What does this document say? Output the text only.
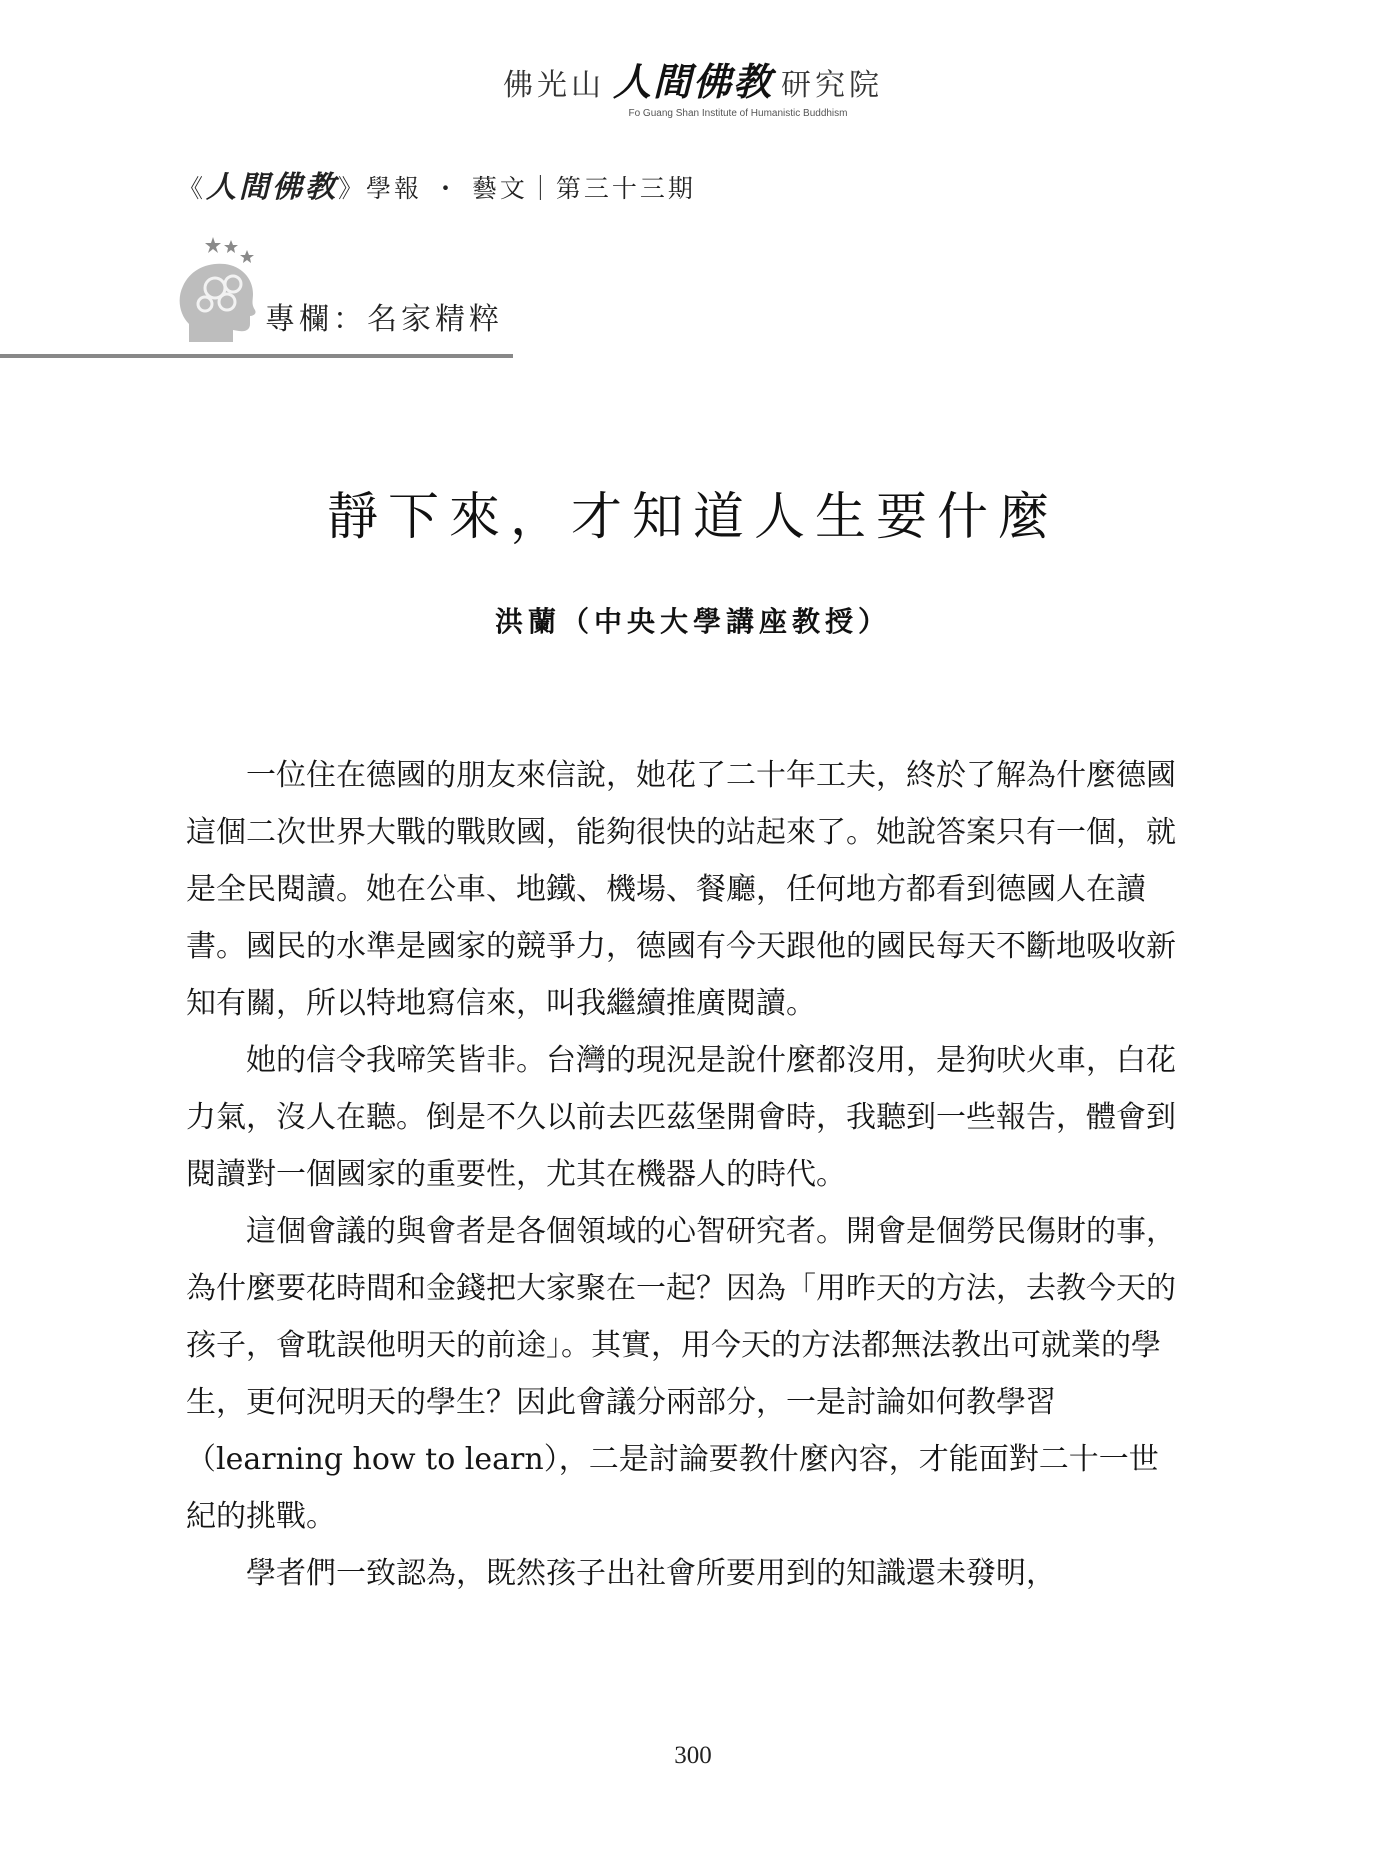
佛光山 人間佛教 研究院
Fo Guang Shan Institute of Humanistic Buddhism
《人間佛教》學報 ・ 藝文｜第三十三期
專欄：名家精粹
靜下來，才知道人生要什麼
洪蘭（中央大學講座教授）

一位住在德國的朋友來信說，她花了二十年工夫，終於了解為什麼德國這個二次世界大戰的戰敗國，能夠很快的站起來了。她說答案只有一個，就是全民閱讀。她在公車、地鐵、機場、餐廳，任何地方都看到德國人在讀書。國民的水準是國家的競爭力，德國有今天跟他的國民每天不斷地吸收新知有關，所以特地寫信來，叫我繼續推廣閱讀。

她的信令我啼笑皆非。台灣的現況是說什麼都沒用，是狗吠火車，白花力氣，沒人在聽。倒是不久以前去匹茲堡開會時，我聽到一些報告，體會到閱讀對一個國家的重要性，尤其在機器人的時代。

這個會議的與會者是各個領域的心智研究者。開會是個勞民傷財的事，為什麼要花時間和金錢把大家聚在一起？因為「用昨天的方法，去教今天的孩子，會耽誤他明天的前途」。其實，用今天的方法都無法教出可就業的學生，更何況明天的學生？因此會議分兩部分，一是討論如何教學習（learning how to learn），二是討論要教什麼內容，才能面對二十一世紀的挑戰。

學者們一致認為，既然孩子出社會所要用到的知識還未發明，

300
